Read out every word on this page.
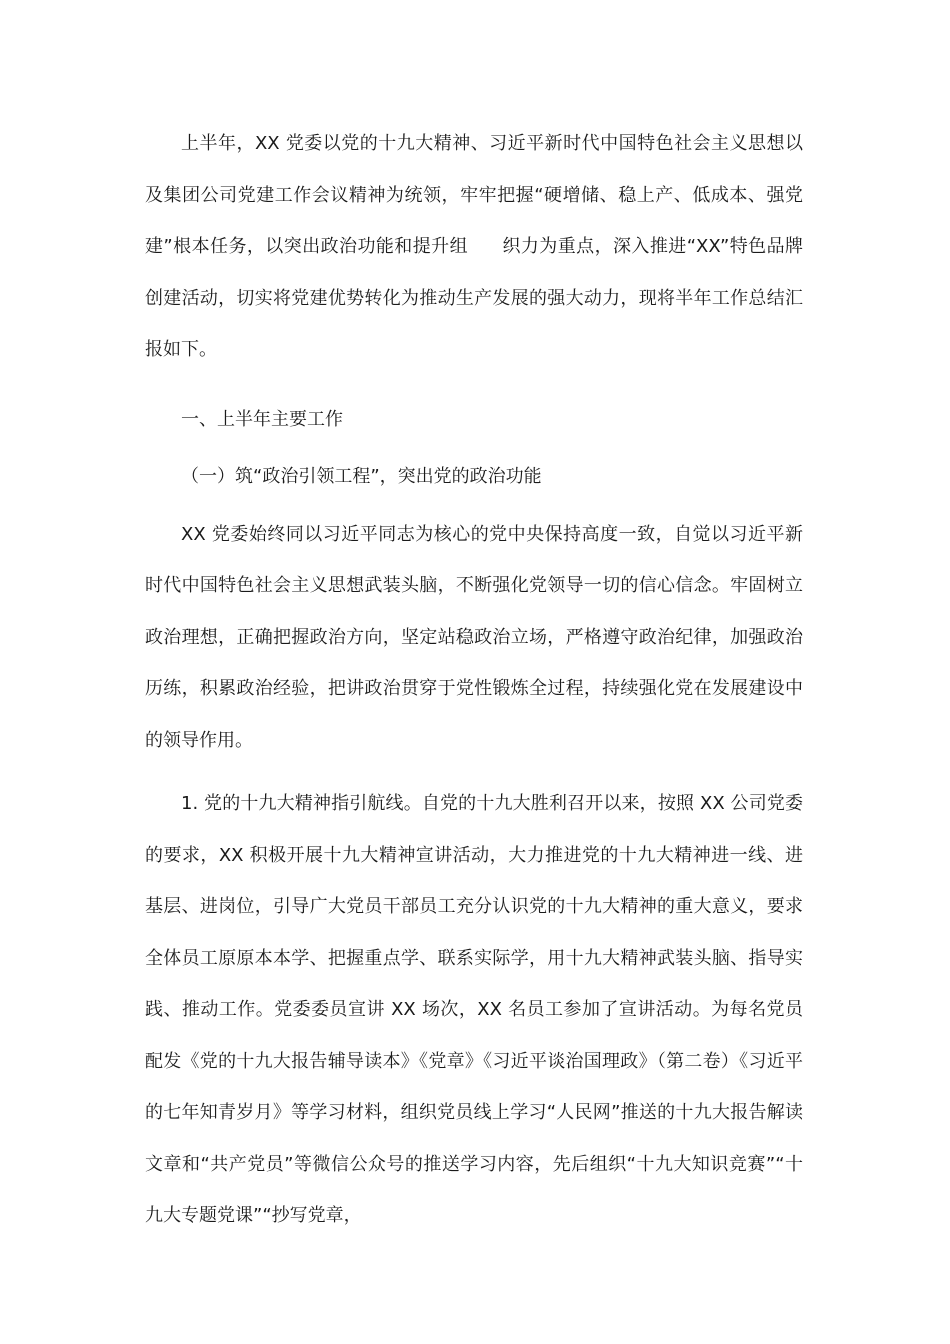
上半年，XX 党委以党的十九大精神、习近平新时代中国特色社会主义思想以及集团公司党建工作会议精神为统领，牢牢把握“硬增储、稳上产、低成本、强党建”根本任务，以突出政治功能和提升组 织力为重点，深入推进“XX”特色品牌创建活动，切实将党建优势转化为推动生产发展的强大动力，现将半年工作总结汇报如下。

一、上半年主要工作

（一）筑“政治引领工程”，突出党的政治功能

XX 党委始终同以习近平同志为核心的党中央保持高度一致，自觉以习近平新时代中国特色社会主义思想武装头脑，不断强化党领导一切的信心信念。牢固树立政治理想，正确把握政治方向，坚定站稳政治立场，严格遵守政治纪律，加强政治历练，积累政治经验，把讲政治贯穿于党性锻炼全过程，持续强化党在发展建设中的领导作用。

1. 党的十九大精神指引航线。自党的十九大胜利召开以来，按照 XX 公司党委的要求，XX 积极开展十九大精神宣讲活动，大力推进党的十九大精神进一线、进基层、进岗位，引导广大党员干部员工充分认识党的十九大精神的重大意义，要求全体员工原原本本学、把握重点学、联系实际学，用十九大精神武装头脑、指导实践、推动工作。党委委员宣讲 XX 场次，XX 名员工参加了宣讲活动。为每名党员配发《党的十九大报告辅导读本》《党章》《习近平谈治国理政》（第二卷）《习近平的七年知青岁月》等学习材料，组织党员线上学习“人民网”推送的十九大报告解读文章和“共产党员”等微信公众号的推送学习内容，先后组织“十九大知识竞赛”“十九大专题党课”“抄写党章，
